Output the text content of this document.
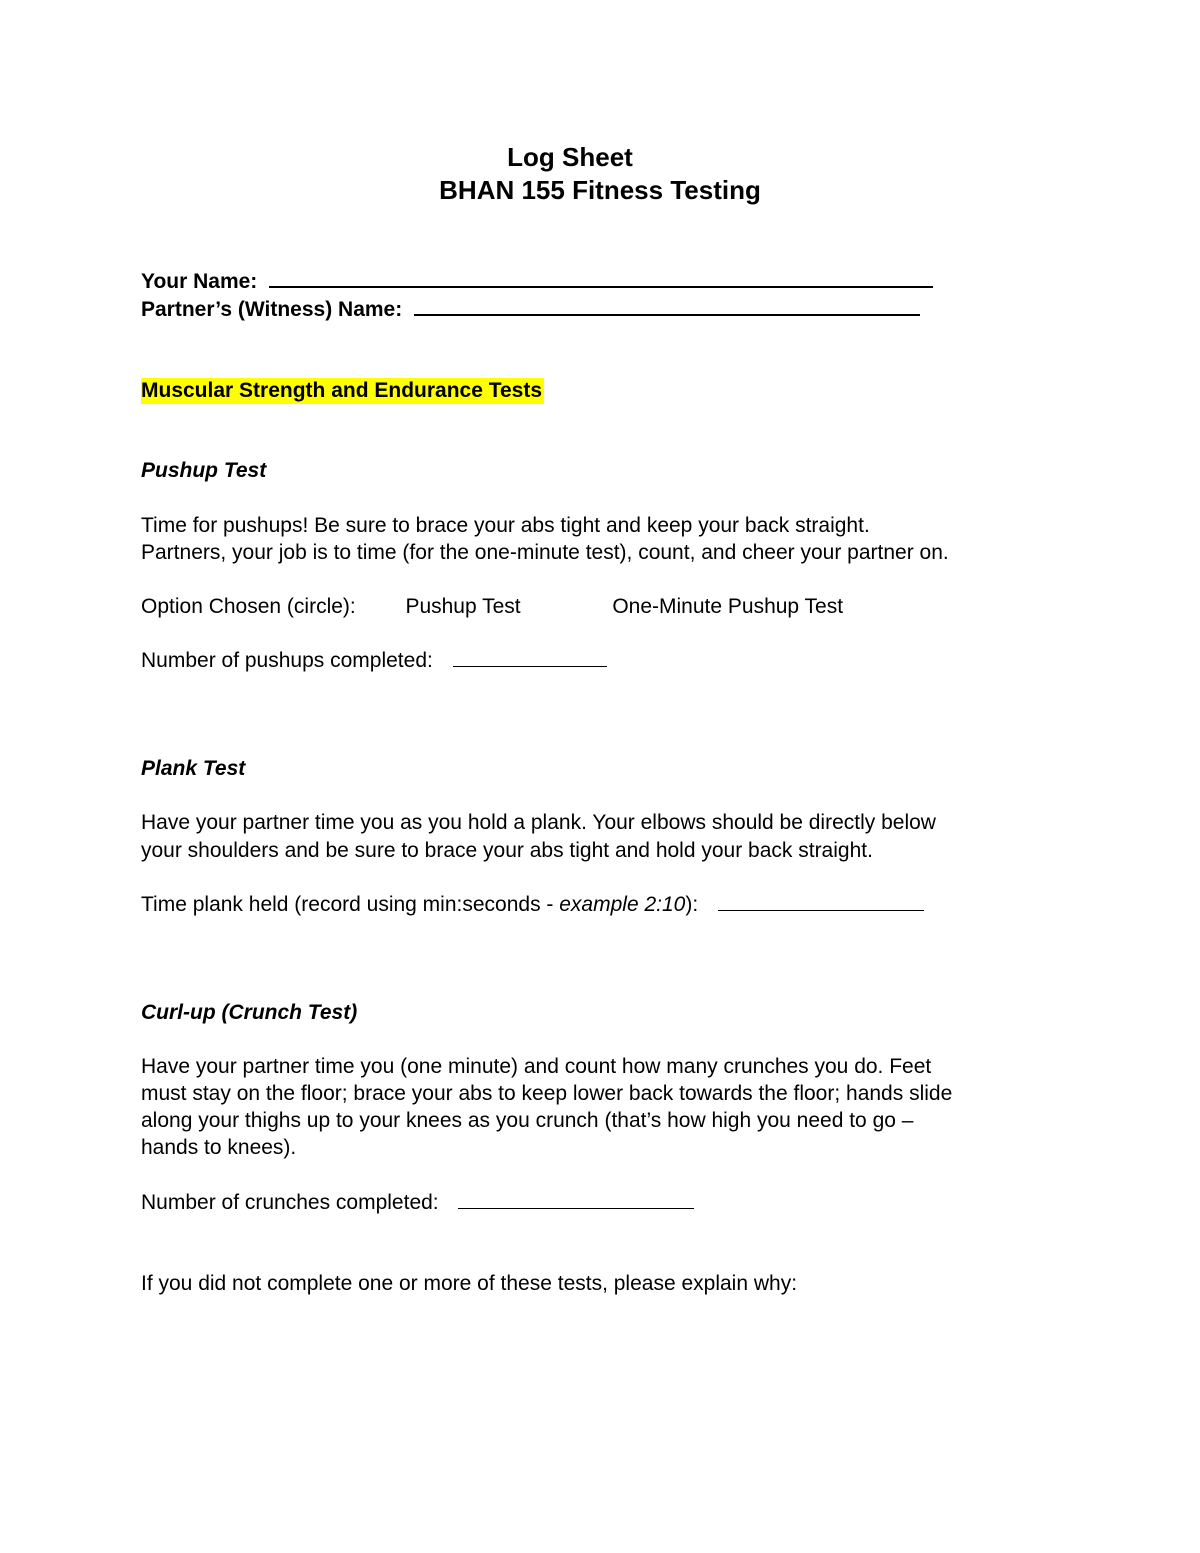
Log Sheet
BHAN 155 Fitness Testing
Your Name:
Partner’s (Witness) Name:
Muscular Strength and Endurance Tests
Pushup Test
Time for pushups! Be sure to brace your abs tight and keep your back straight.
Partners, your job is to time (for the one-minute test), count, and cheer your partner on.
Option Chosen (circle): Pushup Test	One-Minute Pushup Test
Number of pushups completed:
Plank Test
Have your partner time you as you hold a plank. Your elbows should be directly below
your shoulders and be sure to brace your abs tight and hold your back straight.
Time plank held (record using min:seconds - example 2:10):
Curl-up (Crunch Test)
Have your partner time you (one minute) and count how many crunches you do. Feet
must stay on the floor; brace your abs to keep lower back towards the floor; hands slide
along your thighs up to your knees as you crunch (that’s how high you need to go –
hands to knees).
Number of crunches completed:
If you did not complete one or more of these tests, please explain why:
